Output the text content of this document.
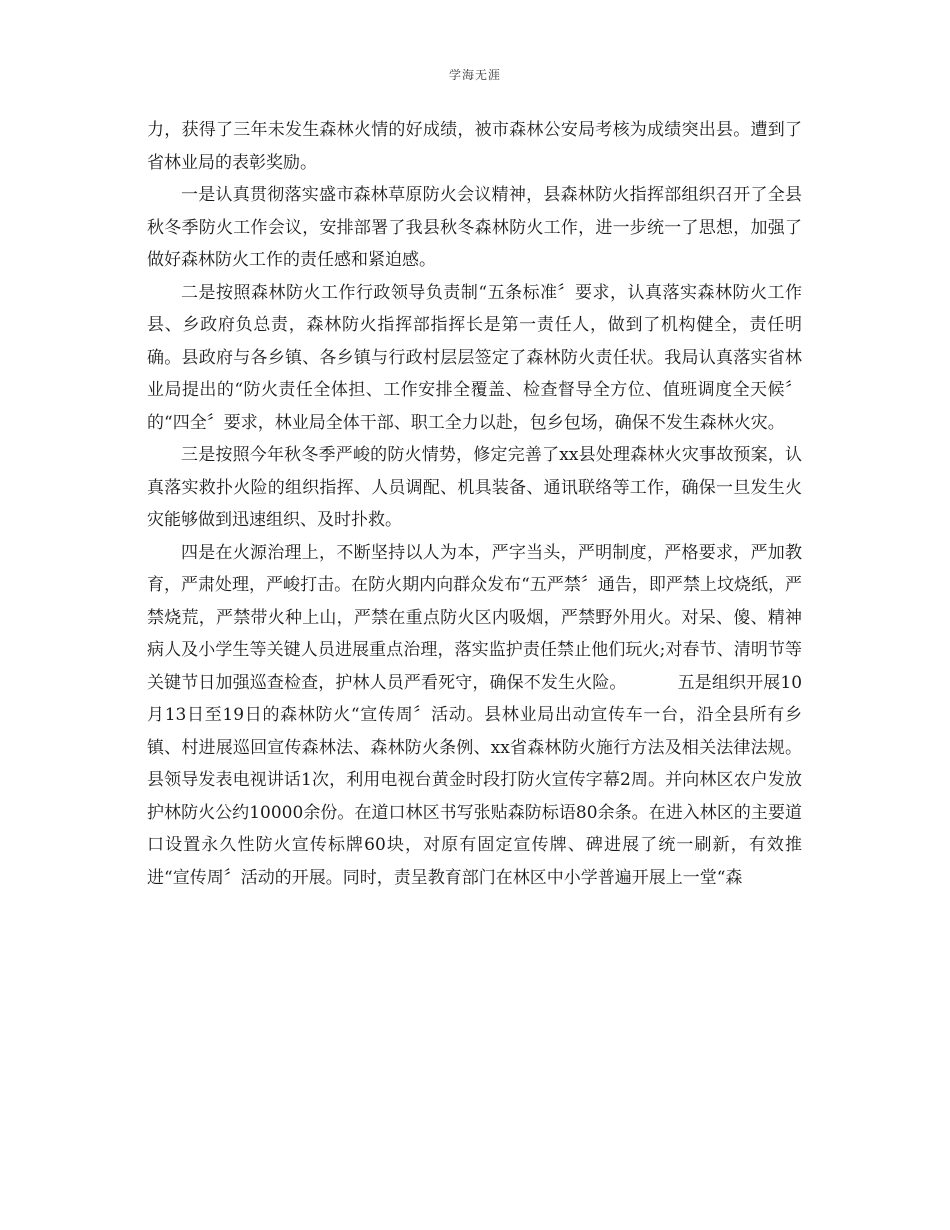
学海无涯

力，获得了三年未发生森林火情的好成绩，被市森林公安局考核为成绩突出县。遭到了省林业局的表彰奖励。

一是认真贯彻落实盛市森林草原防火会议精神，县森林防火指挥部组织召开了全县秋冬季防火工作会议，安排部署了我县秋冬森林防火工作，进一步统一了思想，加强了做好森林防火工作的责任感和紧迫感。

二是按照森林防火工作行政领导负责制“五条标准〞要求，认真落实森林防火工作县、乡政府负总责，森林防火指挥部指挥长是第一责任人，做到了机构健全，责任明确。县政府与各乡镇、各乡镇与行政村层层签定了森林防火责任状。我局认真落实省林业局提出的“防火责任全体担、工作安排全覆盖、检查督导全方位、值班调度全天候〞的“四全〞要求，林业局全体干部、职工全力以赴，包乡包场，确保不发生森林火灾。

三是按照今年秋冬季严峻的防火情势，修定完善了xx县处理森林火灾事故预案，认真落实救扑火险的组织指挥、人员调配、机具装备、通讯联络等工作，确保一旦发生火灾能够做到迅速组织、及时扑救。

四是在火源治理上，不断坚持以人为本，严字当头，严明制度，严格要求，严加教育，严肃处理，严峻打击。在防火期内向群众发布“五严禁〞通告，即严禁上坟烧纸，严禁烧荒，严禁带火种上山，严禁在重点防火区内吸烟，严禁野外用火。对呆、傻、精神病人及小学生等关键人员进展重点治理，落实监护责任禁止他们玩火;对春节、清明节等关键节日加强巡查检查，护林人员严看死守，确保不发生火险。	五是组织开展10月13日至19日的森林防火“宣传周〞活动。县林业局出动宣传车一台，沿全县所有乡镇、村进展巡回宣传森林法、森林防火条例、xx省森林防火施行方法及相关法律法规。县领导发表电视讲话1次，利用电视台黄金时段打防火宣传字幕2周。并向林区农户发放护林防火公约10000余份。在道口林区书写张贴森防标语80余条。在进入林区的主要道口设置永久性防火宣传标牌60块，对原有固定宣传牌、碑进展了统一刷新，有效推进“宣传周〞活动的开展。同时，责呈教育部门在林区中小学普遍开展上一堂“森
